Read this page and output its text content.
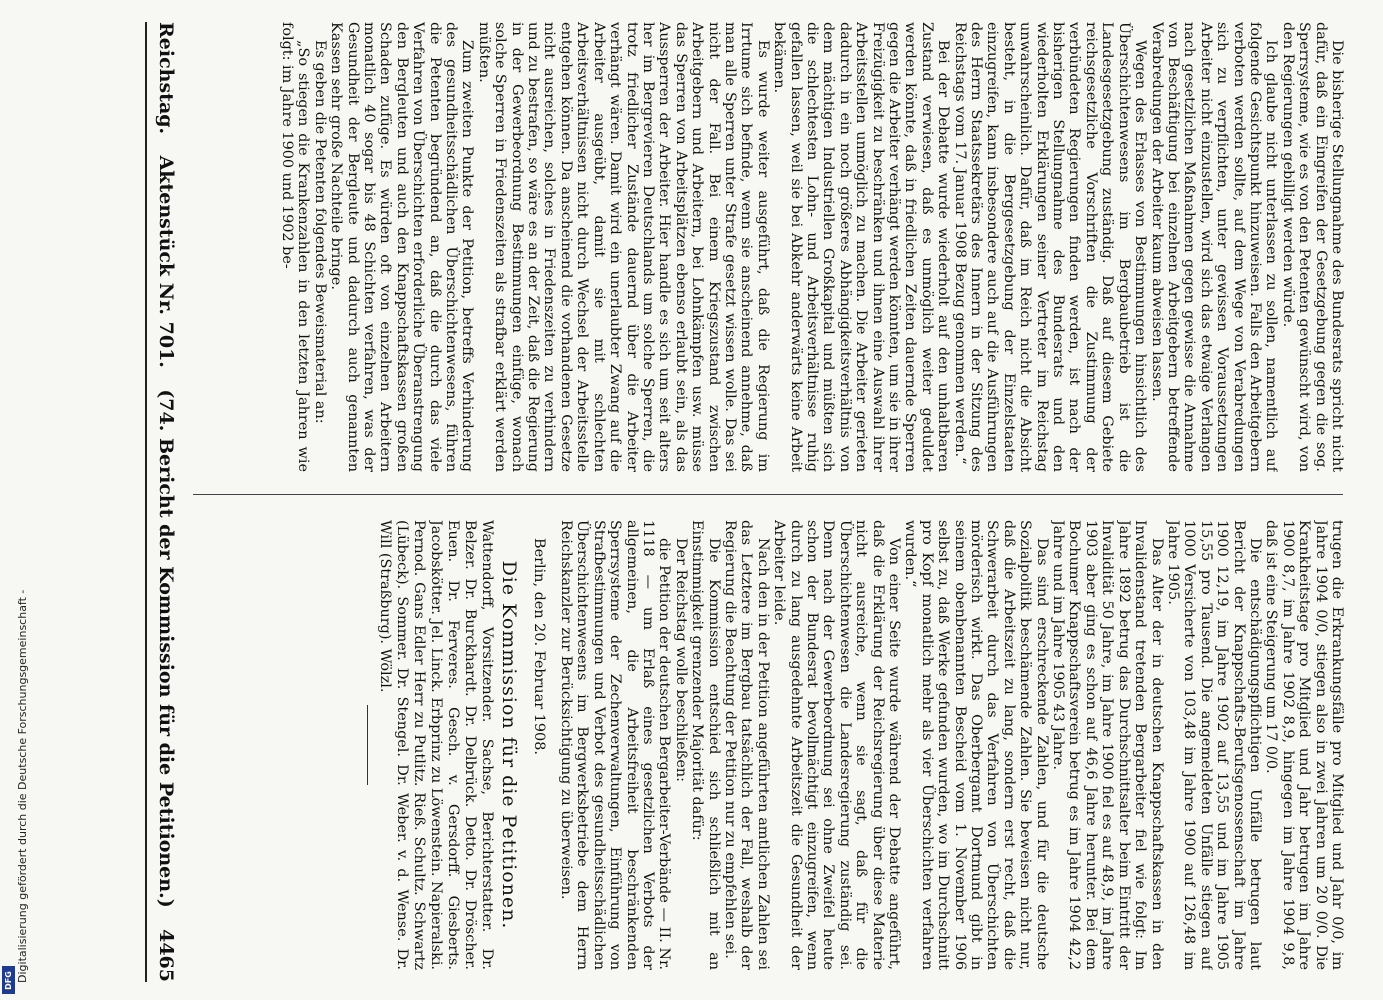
Reichstag.
Aktenstück Nr. 701.
(74. Bericht der Kommission für die Petitionen.)
4465

Die bisherige Stellungnahme des Bundesrats spricht nicht dafür, daß ein Eingreifen der Gesetzgebung gegen die sog. Sperrsysteme, wie es von den Petenten gewünscht wird, von den Regierungen gebilligt werden würde.

Ich glaube nicht unterlassen zu sollen, namentlich auf folgende Gesichtspunkt hinzuweisen. Falls den Arbeitgebern verboten werden sollte, auf dem Wege von Verabredungen sich zu verpflichten, unter gewissen Voraussetzungen Arbeiter nicht einzustellen, wird sich das etwaige Verlangen nach gesetzlichen Maßnahmen gegen gewisse die Annahme von Beschäftigung bei einzelnen Arbeitgebern betreffende Verabredungen der Arbeiter kaum abweisen lassen.

Wegen des Erlasses von Bestimmungen hinsichtlich des Überschichtenwesens im Bergbaubetrieb ist die Landesgesetzgebung zuständig. Daß auf diesem Gebiete reichsgesetzliche Vorschriften die Zustimmung der verbündeten Regierungen finden werden, ist nach der bisherigen Stellungnahme des Bundesrats und den wiederholten Erklärungen seiner Vertreter im Reichstag unwahrscheinlich. Dafür, daß im Reich nicht die Absicht besteht, in die Berggesetzgebung der Einzelstaaten einzugreifen, kann insbesondere auch auf die Ausführungen des Herrn Staatssekretärs des Innern in der Sitzung des Reichstags vom 17. Januar 1908 Bezug genommen werden.“

Bei der Debatte wurde wiederholt auf den unhaltbaren Zustand verwiesen, daß es unmöglich weiter geduldet werden könnte, daß in friedlichen Zeiten dauernde Sperren gegen die Arbeiter verhängt werden könnten, um sie in ihrer Freizügigkeit zu beschränken und ihnen eine Auswahl ihrer Arbeitsstellen unmöglich zu machen. Die Arbeiter gerieten dadurch in ein noch größeres Abhängigkeitsverhältnis von dem mächtigen Industriellen Großkapital und müßten sich die schlechtesten Lohn- und Arbeitsverhältnisse ruhig gefallen lassen, weil sie bei Abkehr anderwärts keine Arbeit bekämen.

Es wurde weiter ausgeführt, daß die Regierung im Irrtume sich befinde, wenn sie anscheinend annehme, daß man alle Sperren unter Strafe gesetzt wissen wolle. Das sei nicht der Fall. Bei einem Kriegszustand zwischen Arbeitgebern und Arbeitern, bei Lohnkämpfen usw. müsse das Sperren von Arbeitsplätzen ebenso erlaubt sein, als das Aussperren der Arbeiter. Hier handle es sich um seit alters her im Bergrevieren Deutschlands um solche Sperren, die trotz friedlicher Zustände dauernd über die Arbeiter verhängt wären. Damit wird ein unerlaubter Zwang auf die Arbeiter ausgeübt, damit sie mit schlechten Arbeitsverhältnissen nicht durch Wechsel der Arbeitsstelle entgehen können. Da anscheinend die vorhandenen Gesetze nicht ausreichen, solches in Friedenszeiten zu verhindern und zu bestrafen, so wäre es an der Zeit, daß die Regierung in der Gewerbeordnung Bestimmungen einfüge, wonach solche Sperren in Friedenszeiten als strafbar erklärt werden müßten.

Zum zweiten Punkte der Petition, betreffs Verhinderung des gesundheitsschädlichen Überschichtenwesens, führen die Petenten begründend an, daß die durch das viele Verfahren von Überschichten erforderliche Überanstrengung den Bergleuten und auch den Knappschaftskassen großen Schaden zufüge. Es würden oft von einzelnen Arbeitern monatlich 40 sogar bis 48 Schichten verfahren, was der Gesundheit der Bergleute und dadurch auch genannten Kassen sehr große Nachteile bringe.

Es geben die Petenten folgendes Beweismaterial an:

„So stiegen die Krankenzahlen in den letzten Jahren wie folgt: im Jahre 1900 und 1902 be-

trugen die Erkrankungsfälle pro Mitglied und Jahr 0/0, im Jahre 1904 0/0, stiegen also in zwei Jahren um 20 0/0. Die Krankheitstage pro Mitglied und Jahr betrugen im Jahre 1900 8,7, im Jahre 1902 8,9, hingegen im Jahre 1904 9,8, daß ist eine Steigerung um 17 0/0.

Die entschädigungspflichtigen Unfälle betrugen laut Bericht der Knappschafts-Berufsgenossenschaft im Jahre 1900 12,19, im Jahre 1902 auf 13,55 und im Jahre 1905 15,55 pro Tausend. Die angemeldeten Unfälle stiegen auf 1000 Versicherte von 103,48 im Jahre 1900 auf 126,48 im Jahre 1905.

Das Alter der in deutschen Knappschaftskassen in den Invalidenstand tretenden Bergarbeiter fiel wie folgt: Im Jahre 1892 betrug das Durchschnittsalter beim Eintritt der Invalidität 50 Jahre, im Jahre 1900 fiel es auf 48,9, im Jahre 1903 aber ging es schon auf 46,6 Jahre herunter. Bei dem Bochumer Knappschaftsverein betrug es im Jahre 1904 42,2 Jahre und im Jahre 1905 43 Jahre.

Das sind erschreckende Zahlen, und für die deutsche Sozialpolitik beschämende Zahlen. Sie beweisen nicht nur, daß die Arbeitszeit zu lang, sondern erst recht, daß die Schwerarbeit durch das Verfahren von Überschichten mörderisch wirkt. Das Oberbergamt Dortmund gibt in seinem obenbenannten Bescheid vom 1. November 1906 selbst zu, daß Werke gefunden wurden, wo im Durchschnitt pro Kopf monatlich mehr als vier Überschichten verfahren wurden.“

Von einer Seite wurde während der Debatte angeführt, daß die Erklärung der Reichsregierung über diese Materie nicht ausreiche, wenn sie sagt, daß für die Überschichtenwesen die Landesregierung zuständig sei. Denn nach der Gewerbeordnung sei ohne Zweifel heute schon der Bundesrat bevollmächtigt einzugreifen, wenn durch zu lang ausgedehnte Arbeitszeit die Gesundheit der Arbeiter leide.

Nach den in der Petition angeführten amtlichen Zahlen sei das Letztere im Bergbau tatsächlich der Fall, weshalb der Regierung die Beachtung der Petition nur zu empfehlen sei.

Die Kommission entschied sich schließlich mit an Einstimmigkeit grenzender Majorität dafür:

Der Reichstag wolle beschließen:

die Petition der deutschen Bergarbeiter-Verbände — II. Nr. 1118 — um Erlaß eines gesetzlichen Verbots der allgemeinen, die Arbeitsfreiheit beschränkenden Sperrsysteme der Zechenverwaltungen, Einführung von Strafbestimmungen und Verbot des gesundheitsschädlichen Überschichtenwesens im Bergwerksbetriebe dem Herrn Reichskanzler zur Berücksichtigung zu überweisen.

Berlin, den 20. Februar 1908.

Die Kommission für die Petitionen.

Wattendorff, Vorsitzender. Sachse, Berichterstatter. Dr. Belzer. Dr. Burckhardt. Dr. Delbrück. Detto. Dr. Dröscher. Euen. Dr. Ferveres. Gesch. v. Gersdorff. Giesberts. Jacobskötter. Jel. Linck. Erbprinz zu Löwenstein. Napieralski. Pernod. Gans Edler Herr zu Putlitz. Rieß. Schultz. Schwartz (Lübeck). Sommer. Dr. Stengel. Dr. Weber. v. d. Wense. Dr. Will (Straßburg). Wölzl.

Digitalisierung gefördert durch die Deutsche Forschungsgemeinschaft -
DFG
